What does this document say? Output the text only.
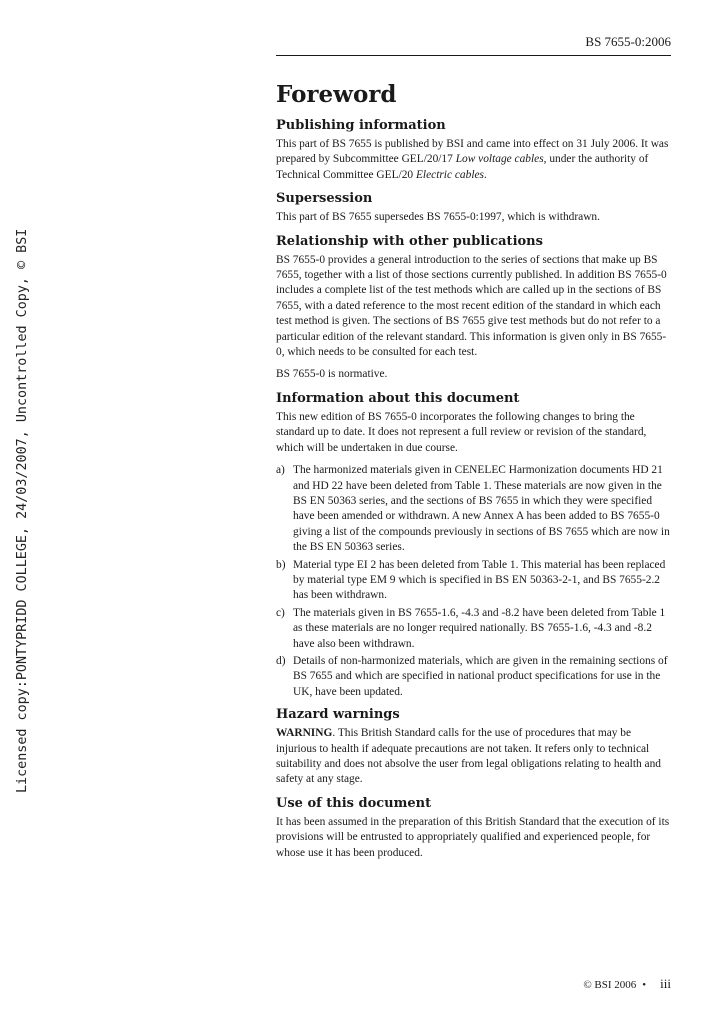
Licensed copy:PONTYPRIDD COLLEGE, 24/03/2007, Uncontrolled Copy, © BSI
BS 7655-0:2006
Foreword
Publishing information

This part of BS 7655 is published by BSI and came into effect on 31 July 2006. It was prepared by Subcommittee GEL/20/17 Low voltage cables, under the authority of Technical Committee GEL/20 Electric cables.

Supersession

This part of BS 7655 supersedes BS 7655-0:1997, which is withdrawn.

Relationship with other publications

BS 7655-0 provides a general introduction to the series of sections that make up BS 7655, together with a list of those sections currently published. In addition BS 7655-0 includes a complete list of the test methods which are called up in the sections of BS 7655, with a dated reference to the most recent edition of the standard in which each test method is given. The sections of BS 7655 give test methods but do not refer to a particular edition of the relevant standard. This information is given only in BS 7655-0, which needs to be consulted for each test.

BS 7655-0 is normative.

Information about this document

This new edition of BS 7655-0 incorporates the following changes to bring the standard up to date. It does not represent a full review or revision of the standard, which will be undertaken in due course.

a) The harmonized materials given in CENELEC Harmonization documents HD 21 and HD 22 have been deleted from Table 1. These materials are now given in the BS EN 50363 series, and the sections of BS 7655 in which they were specified have been amended or withdrawn. A new Annex A has been added to BS 7655-0 giving a list of the compounds previously in sections of BS 7655 which are now in the BS EN 50363 series.
b) Material type EI 2 has been deleted from Table 1. This material has been replaced by material type EM 9 which is specified in BS EN 50363-2-1, and BS 7655-2.2 has been withdrawn.
c) The materials given in BS 7655-1.6, -4.3 and -8.2 have been deleted from Table 1 as these materials are no longer required nationally. BS 7655-1.6, -4.3 and -8.2 have also been withdrawn.
d) Details of non-harmonized materials, which are given in the remaining sections of BS 7655 and which are specified in national product specifications for use in the UK, have been updated.
Hazard warnings

WARNING. This British Standard calls for the use of procedures that may be injurious to health if adequate precautions are not taken. It refers only to technical suitability and does not absolve the user from legal obligations relating to health and safety at any stage.

Use of this document

It has been assumed in the preparation of this British Standard that the execution of its provisions will be entrusted to appropriately qualified and experienced people, for whose use it has been produced.

© BSI 2006 • iii
